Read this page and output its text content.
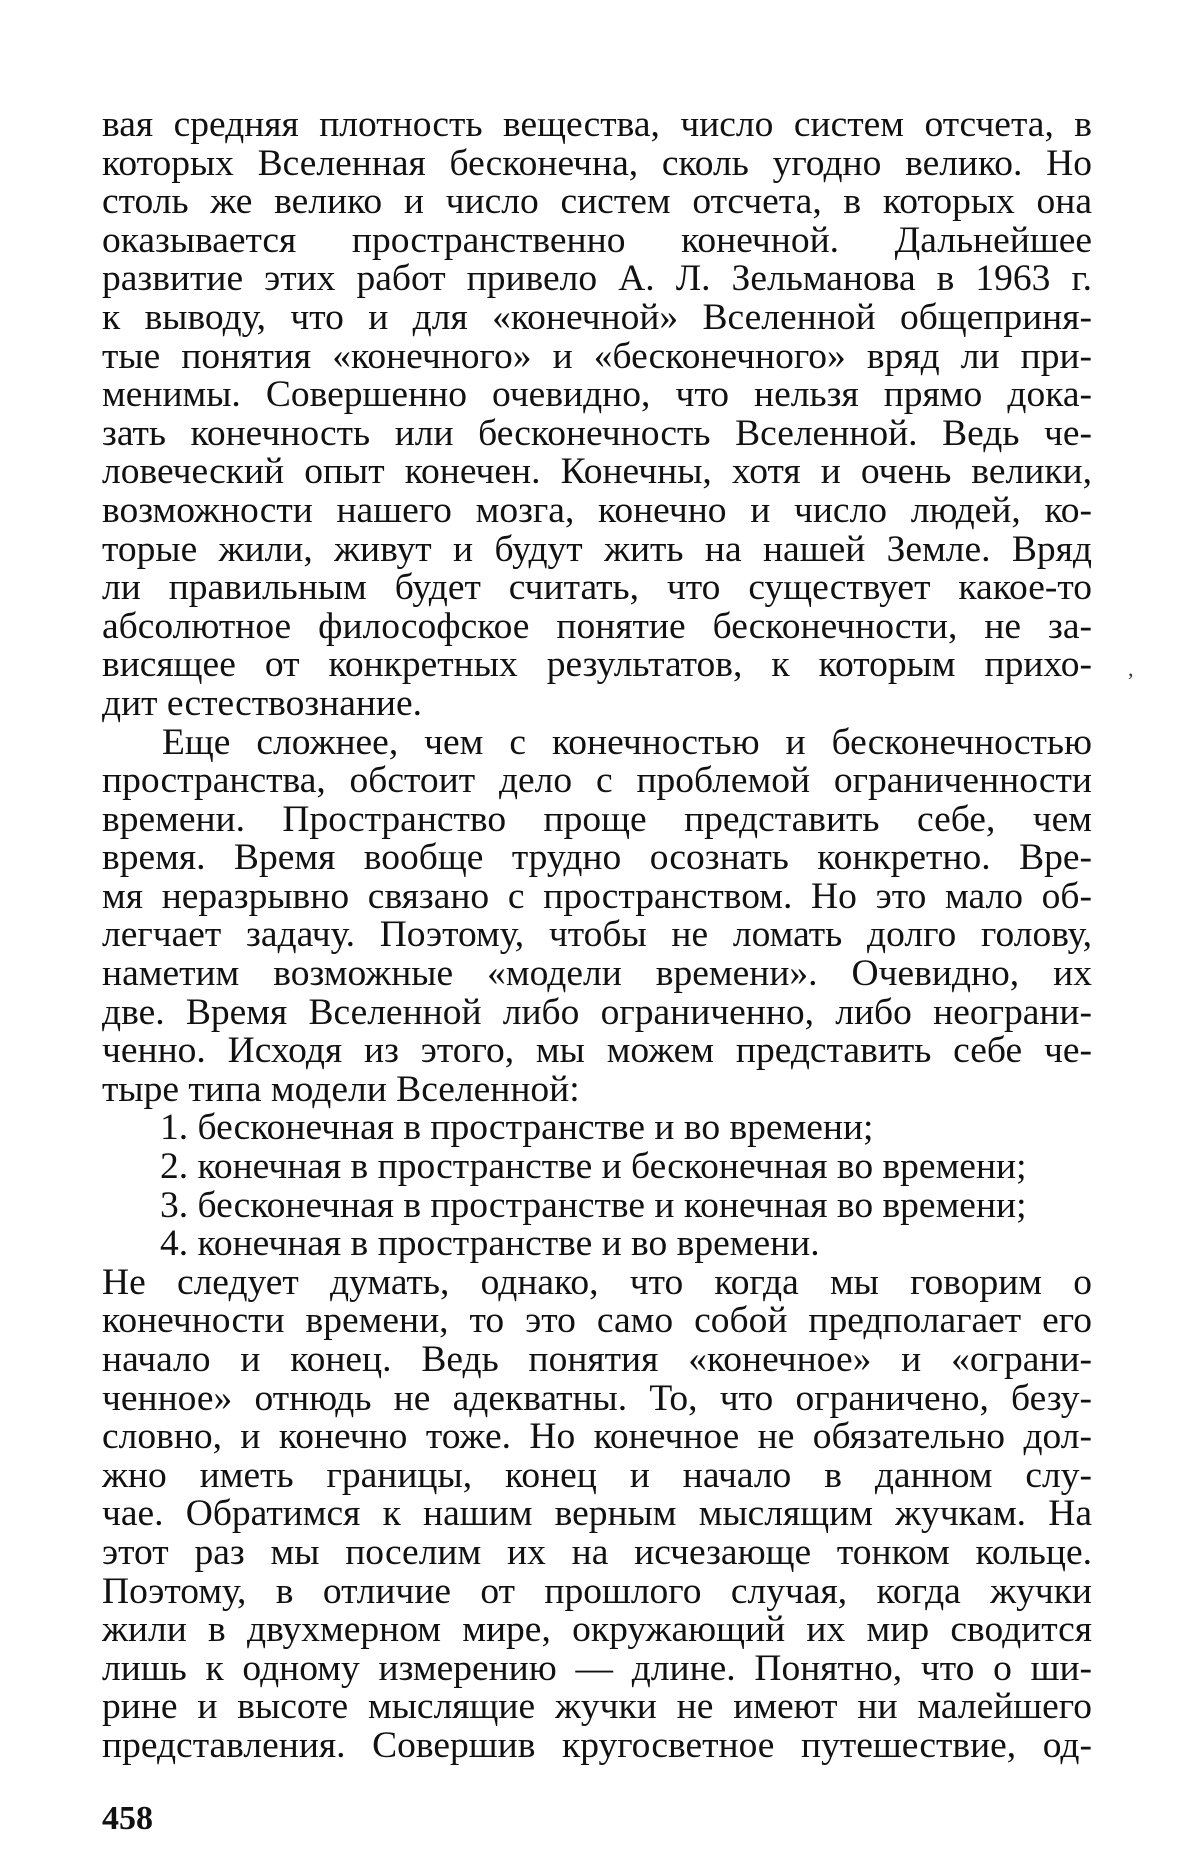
вая средняя плотность вещества, число систем отсчета, в
которых Вселенная бесконечна, сколь угодно велико. Но
столь же велико и число систем отсчета, в которых она
оказывается пространственно конечной. Дальнейшее
развитие этих работ привело А. Л. Зельманова в 1963 г.
к выводу, что и для «конечной» Вселенной общеприня-
тые понятия «конечного» и «бесконечного» вряд ли при-
менимы. Совершенно очевидно, что нельзя прямо дока-
зать конечность или бесконечность Вселенной. Ведь че-
ловеческий опыт конечен. Конечны, хотя и очень велики,
возможности нашего мозга, конечно и число людей, ко-
торые жили, живут и будут жить на нашей Земле. Вряд
ли правильным будет считать, что существует какое-то
абсолютное философское понятие бесконечности, не за-
висящее от конкретных результатов, к которым прихо-
дит естествознание.
Еще сложнее, чем с конечностью и бесконечностью
пространства, обстоит дело с проблемой ограниченности
времени. Пространство проще представить себе, чем
время. Время вообще трудно осознать конкретно. Вре-
мя неразрывно связано с пространством. Но это мало об-
легчает задачу. Поэтому, чтобы не ломать долго голову,
наметим возможные «модели времени». Очевидно, их
две. Время Вселенной либо ограниченно, либо неограни-
ченно. Исходя из этого, мы можем представить себе че-
тыре типа модели Вселенной:
1. бесконечная в пространстве и во времени;
2. конечная в пространстве и бесконечная во времени;
3. бесконечная в пространстве и конечная во времени;
4. конечная в пространстве и во времени.
Не следует думать, однако, что когда мы говорим о
конечности времени, то это само собой предполагает его
начало и конец. Ведь понятия «конечное» и «ограни-
ченное» отнюдь не адекватны. То, что ограничено, безу-
словно, и конечно тоже. Но конечное не обязательно дол-
жно иметь границы, конец и начало в данном слу-
чае. Обратимся к нашим верным мыслящим жучкам. На
этот раз мы поселим их на исчезающе тонком кольце.
Поэтому, в отличие от прошлого случая, когда жучки
жили в двухмерном мире, окружающий их мир сводится
лишь к одному измерению — длине. Понятно, что о ши-
рине и высоте мыслящие жучки не имеют ни малейшего
представления. Совершив кругосветное путешествие, од-
458
,
